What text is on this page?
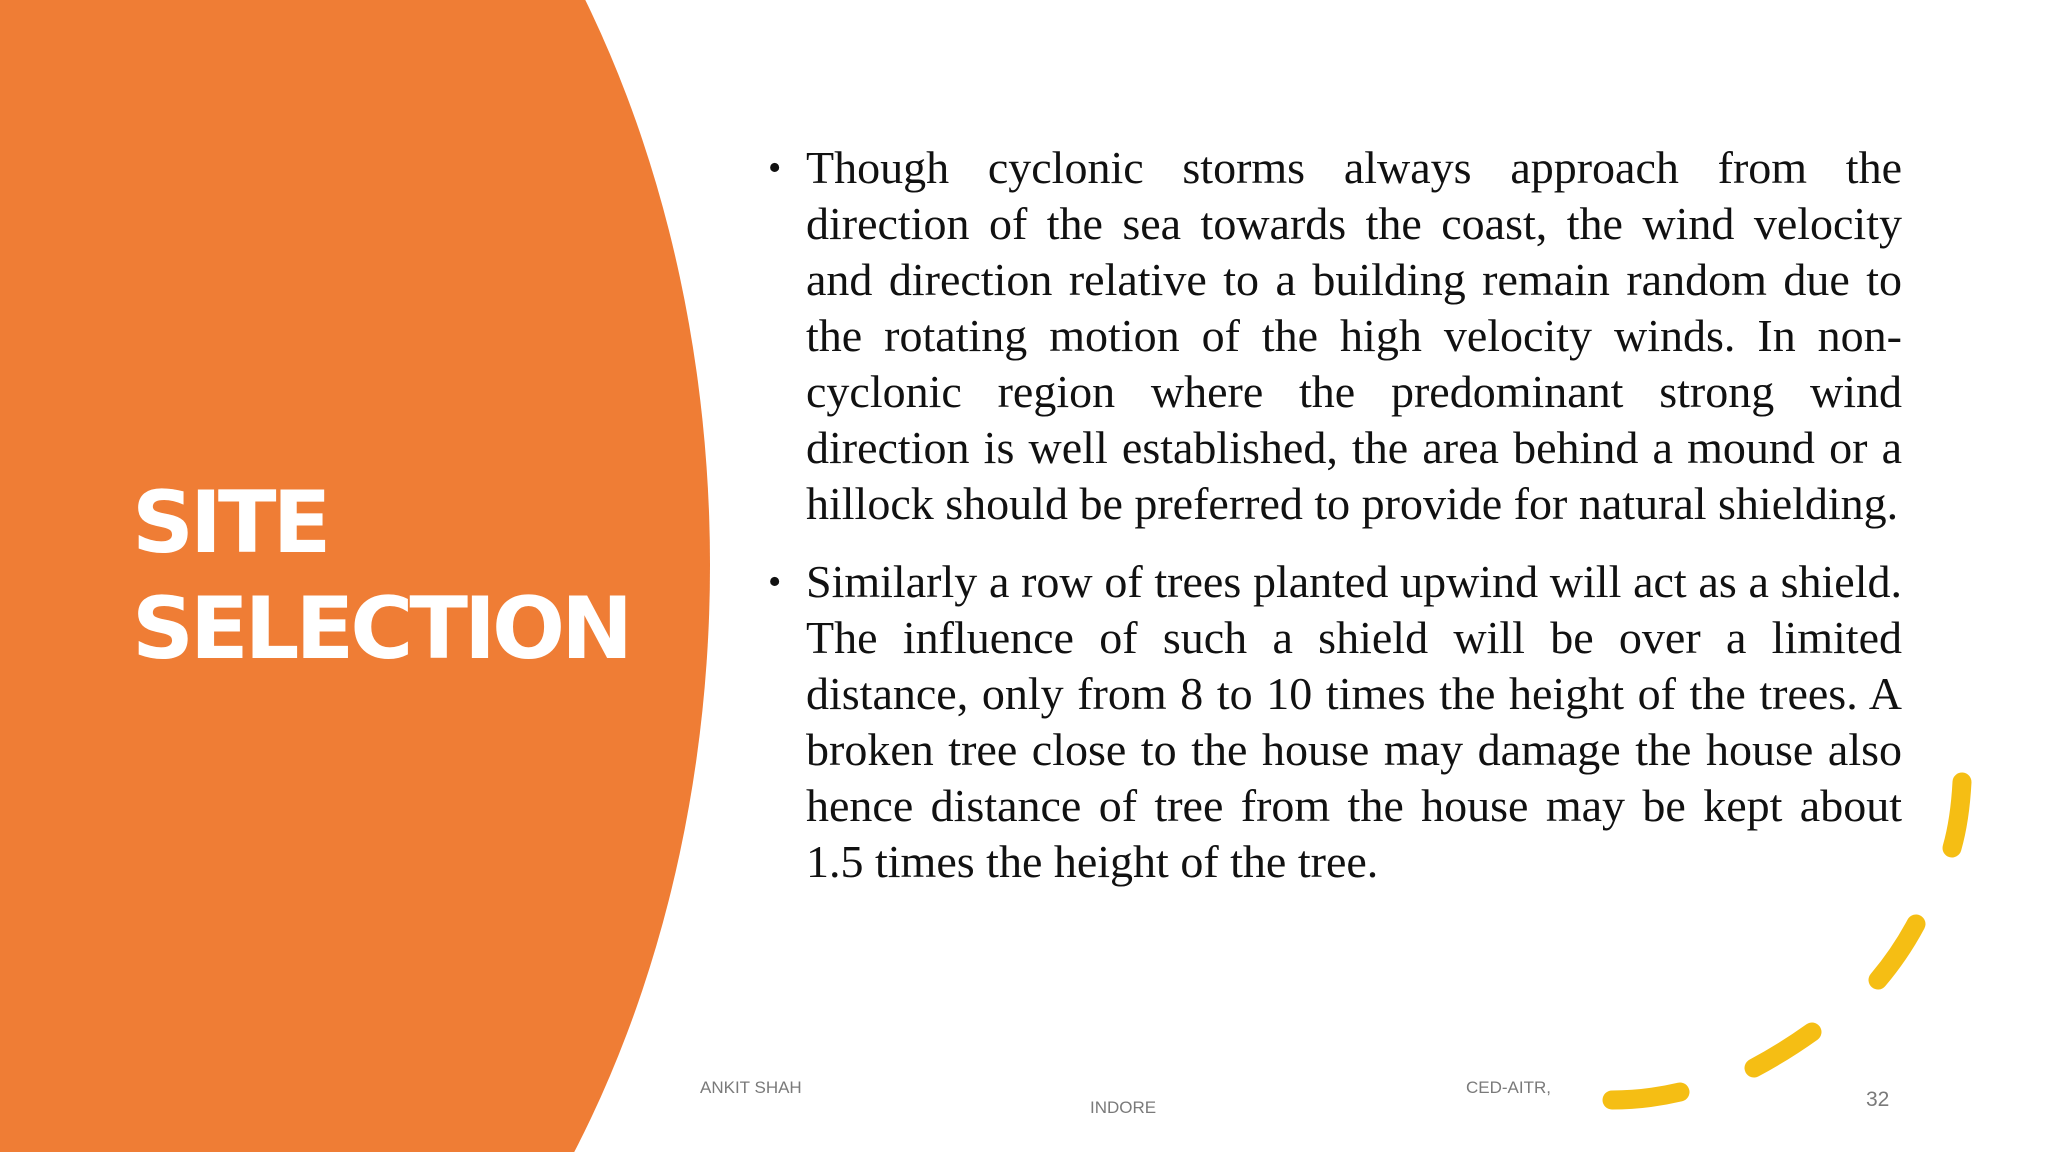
SITE
SELECTION

• Though cyclonic storms always approach from the direction of the sea towards the coast, the wind velocity and direction relative to a building remain random due to the rotating motion of the high velocity winds. In non-cyclonic region where the predominant strong wind direction is well established, the area behind a mound or a hillock should be preferred to provide for natural shielding.

• Similarly a row of trees planted upwind will act as a shield. The influence of such a shield will be over a limited distance, only from 8 to 10 times the height of the trees. A broken tree close to the house may damage the house also hence distance of tree from the house may be kept about 1.5 times the height of the tree.

ANKIT SHAH	CED-AITR,
INDORE	32
